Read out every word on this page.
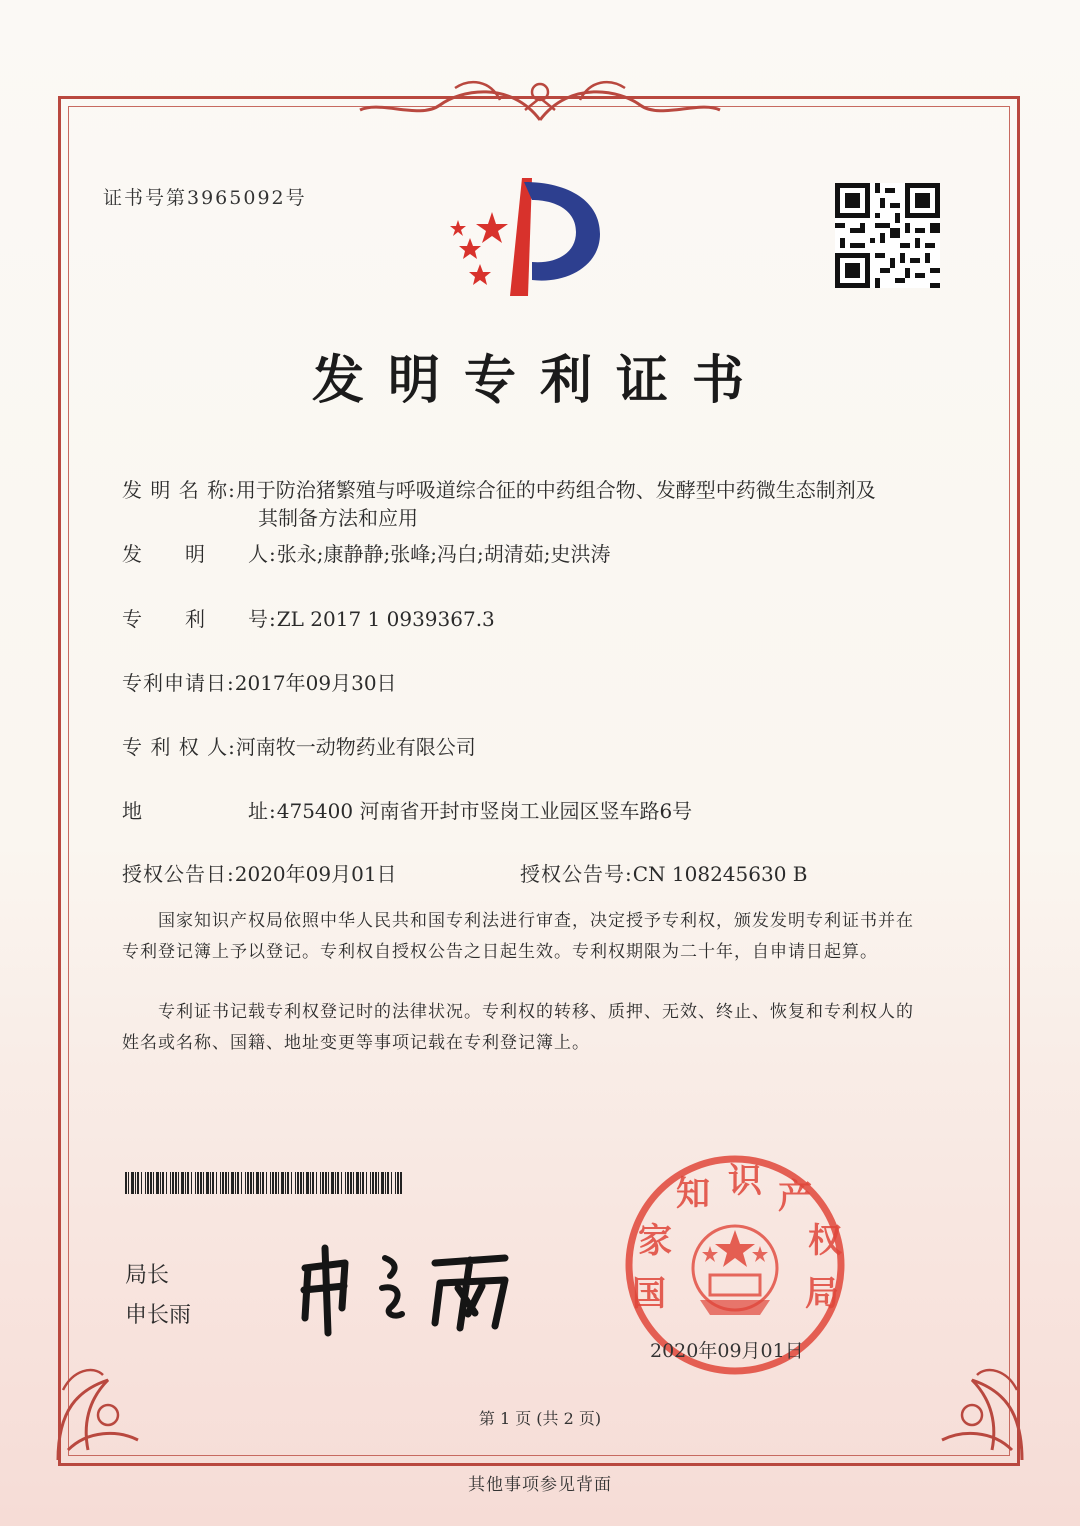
证书号第3965092号
发明专利证书
发 明 名 称:用于防治猪繁殖与呼吸道综合征的中药组合物、发酵型中药微生态制剂及
其制备方法和应用
发　　明　　人:张永;康静静;张峰;冯白;胡清茹;史洪涛
专　　利　　号:ZL 2017 1 0939367.3
专利申请日:2017年09月30日
专 利 权 人:河南牧一动物药业有限公司
地　　　　　址:475400 河南省开封市竖岗工业园区竖车路6号
授权公告日:2020年09月01日	授权公告号:CN 108245630 B
国家知识产权局依照中华人民共和国专利法进行审查，决定授予专利权，颁发发明专利证书并在专利登记簿上予以登记。专利权自授权公告之日起生效。专利权期限为二十年，自申请日起算。
专利证书记载专利权登记时的法律状况。专利权的转移、质押、无效、终止、恢复和专利权人的姓名或名称、国籍、地址变更等事项记载在专利登记簿上。
局长
申长雨
国 家 知 识 产 权 局
2020年09月01日
第 1 页 (共 2 页)
其他事项参见背面
